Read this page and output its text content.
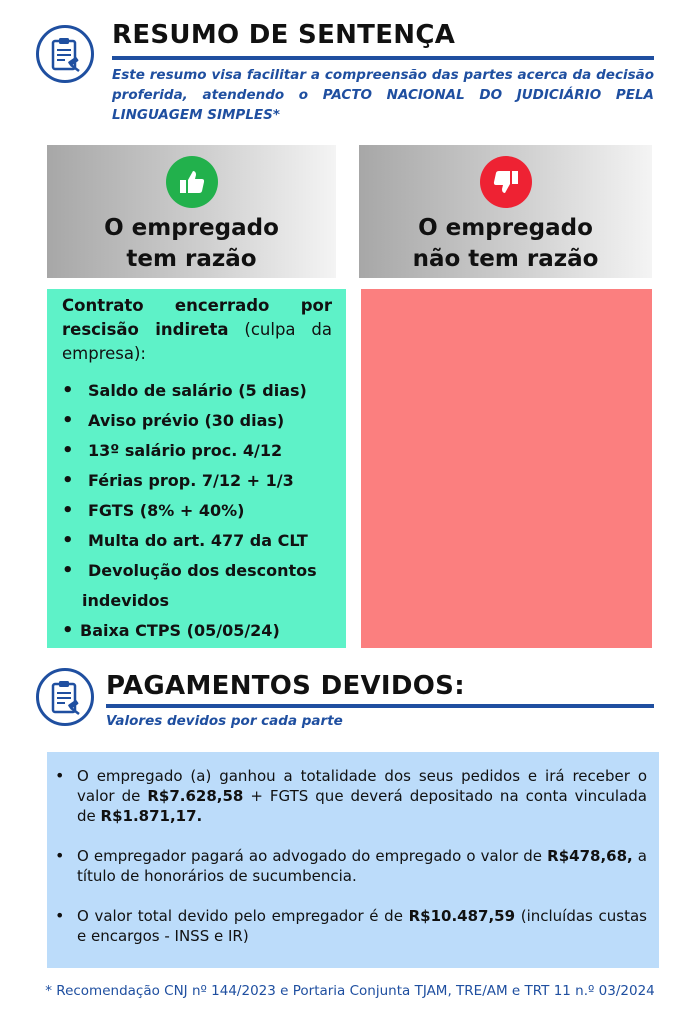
RESUMO DE SENTENÇA
Este resumo visa facilitar a compreensão das partes acerca da decisão proferida, atendendo o PACTO NACIONAL DO JUDICIÁRIO PELA LINGUAGEM SIMPLES*
O empregado
tem razão
O empregado
não tem razão
Contrato encerrado por rescisão indireta (culpa da empresa):
• Saldo de salário (5 dias)
• Aviso prévio (30 dias)
• 13º salário proc. 4/12
• Férias prop. 7/12 + 1/3
• FGTS (8% + 40%)
• Multa do art. 477 da CLT
• Devolução dos descontos
indevidos
• Baixa CTPS (05/05/24)
PAGAMENTOS DEVIDOS:
Valores devidos por cada parte
• O empregado (a) ganhou a totalidade dos seus pedidos e irá receber o valor de R$7.628,58 + FGTS que deverá depositado na conta vinculada de R$1.871,17.
• O empregador pagará ao advogado do empregado o valor de R$478,68, a título de honorários de sucumbencia.
• O valor total devido pelo empregador é de R$10.487,59 (incluídas custas e encargos - INSS e IR)
* Recomendação CNJ nº 144/2023 e Portaria Conjunta TJAM, TRE/AM e TRT 11 n.º 03/2024
